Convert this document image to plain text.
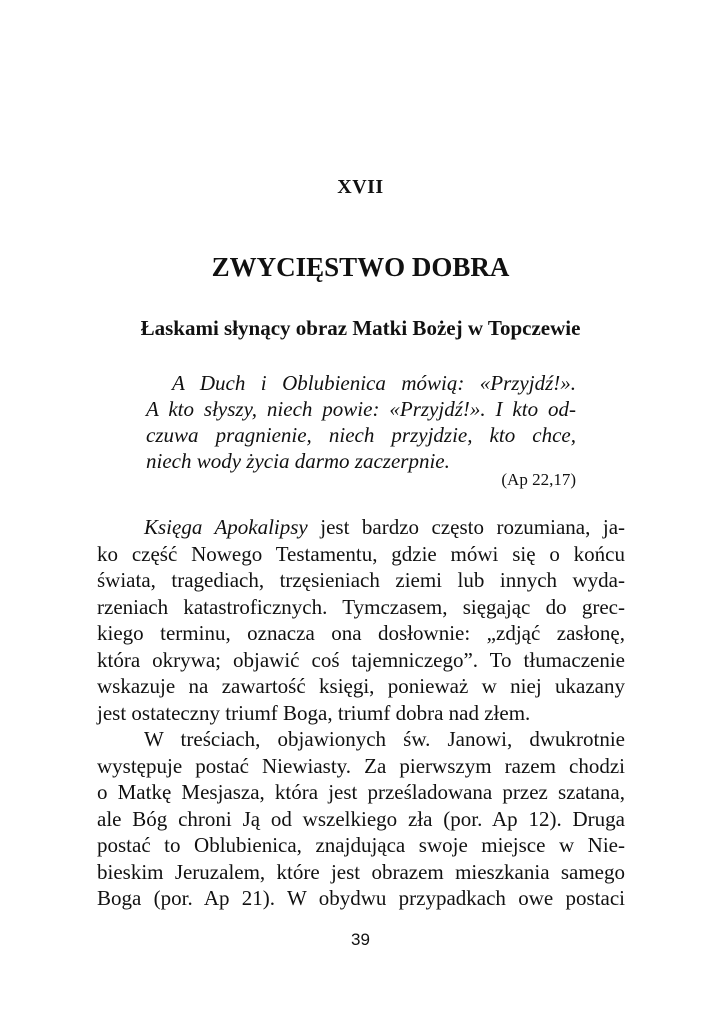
XVII
ZWYCIĘSTWO DOBRA
Łaskami słynący obraz Matki Bożej w Topczewie
A Duch i Oblubienica mówią: «Przyjdź!».
A kto słyszy, niech powie: «Przyjdź!». I kto od-
czuwa pragnienie, niech przyjdzie, kto chce,
niech wody życia darmo zaczerpnie.
(Ap 22,17)
Księga Apokalipsy jest bardzo często rozumiana, ja-
ko część Nowego Testamentu, gdzie mówi się o końcu
świata, tragediach, trzęsieniach ziemi lub innych wyda-
rzeniach katastroficznych. Tymczasem, sięgając do grec-
kiego terminu, oznacza ona dosłownie: „zdjąć zasłonę,
która okrywa; objawić coś tajemniczego”. To tłumaczenie
wskazuje na zawartość księgi, ponieważ w niej ukazany
jest ostateczny triumf Boga, triumf dobra nad złem.
W treściach, objawionych św. Janowi, dwukrotnie
występuje postać Niewiasty. Za pierwszym razem chodzi
o Matkę Mesjasza, która jest prześladowana przez szatana,
ale Bóg chroni Ją od wszelkiego zła (por. Ap 12). Druga
postać to Oblubienica, znajdująca swoje miejsce w Nie-
bieskim Jeruzalem, które jest obrazem mieszkania samego
Boga (por. Ap 21). W obydwu przypadkach owe postaci
39
